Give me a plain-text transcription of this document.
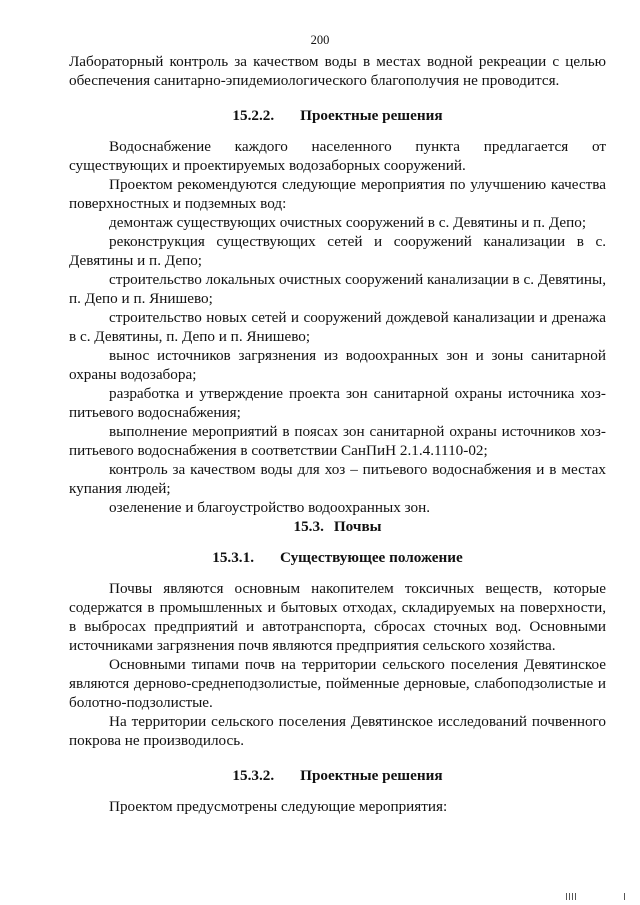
200

Лабораторный контроль за качеством воды в местах водной рекреации с целью обеспечения санитарно-эпидемиологического благополучия не проводится.

15.2.2. Проектные решения

Водоснабжение каждого населенного пункта предлагается от существующих и проектируемых водозаборных сооружений.

Проектом рекомендуются следующие мероприятия по улучшению качества поверхностных и подземных вод:

демонтаж существующих очистных сооружений в с. Девятины и п. Депо;

реконструкция существующих сетей и сооружений канализации в с. Девятины и п. Депо;

строительство локальных очистных сооружений канализации в с. Девятины, п. Депо и п. Янишево;

строительство новых сетей и сооружений дождевой канализации и дренажа в с. Девятины, п. Депо и п. Янишево;

вынос источников загрязнения из водоохранных зон и зоны санитарной охраны водозабора;

разработка и утверждение проекта зон санитарной охраны источника хоз-питьевого водоснабжения;

выполнение мероприятий в поясах зон санитарной охраны источников хоз-питьевого водоснабжения в соответствии СанПиН 2.1.4.1110-02;

контроль за качеством воды для хоз – питьевого водоснабжения и в местах купания людей;

озеленение и благоустройство водоохранных зон.

15.3. Почвы
15.3.1. Существующее положение

Почвы являются основным накопителем токсичных веществ, которые содержатся в промышленных и бытовых отходах, складируемых на поверхности, в выбросах предприятий и автотранспорта, сбросах сточных вод. Основными источниками загрязнения почв являются предприятия сельского хозяйства.

Основными типами почв на территории сельского поселения Девятинское являются дерново-среднеподзолистые, пойменные дерновые, слабоподзолистые и болотно-подзолистые.

На территории сельского поселения Девятинское исследований почвенного покрова не производилось.

15.3.2. Проектные решения

Проектом предусмотрены следующие мероприятия:
